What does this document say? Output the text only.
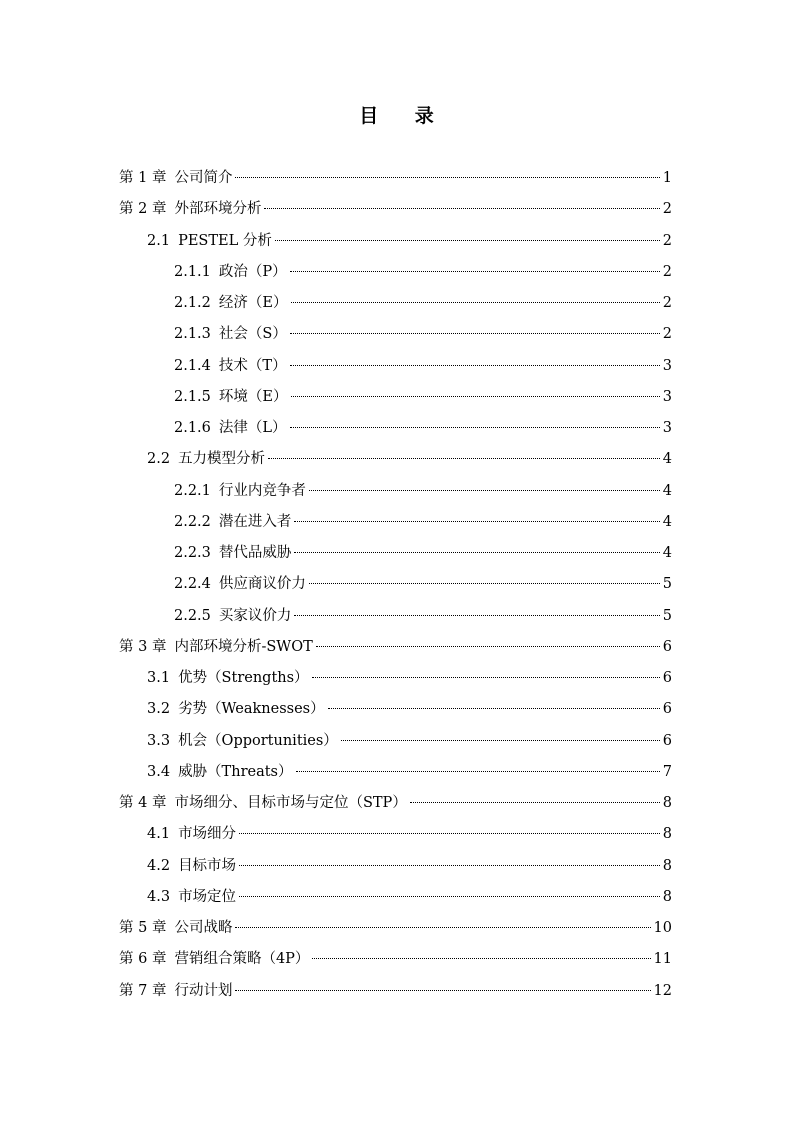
目 录
第 1 章 公司简介	1
第 2 章 外部环境分析	2
2.1 PESTEL 分析	2
2.1.1 政治（P）	2
2.1.2 经济（E）	2
2.1.3 社会（S）	2
2.1.4 技术（T）	3
2.1.5 环境（E）	3
2.1.6 法律（L）	3
2.2 五力模型分析	4
2.2.1 行业内竞争者	4
2.2.2 潜在进入者	4
2.2.3 替代品威胁	4
2.2.4 供应商议价力	5
2.2.5 买家议价力	5
第 3 章 内部环境分析-SWOT	6
3.1 优势（Strengths）	6
3.2 劣势（Weaknesses）	6
3.3 机会（Opportunities）	6
3.4 威胁（Threats）	7
第 4 章 市场细分、目标市场与定位（STP）	8
4.1 市场细分	8
4.2 目标市场	8
4.3 市场定位	8
第 5 章 公司战略	10
第 6 章 营销组合策略（4P）	11
第 7 章 行动计划	12
